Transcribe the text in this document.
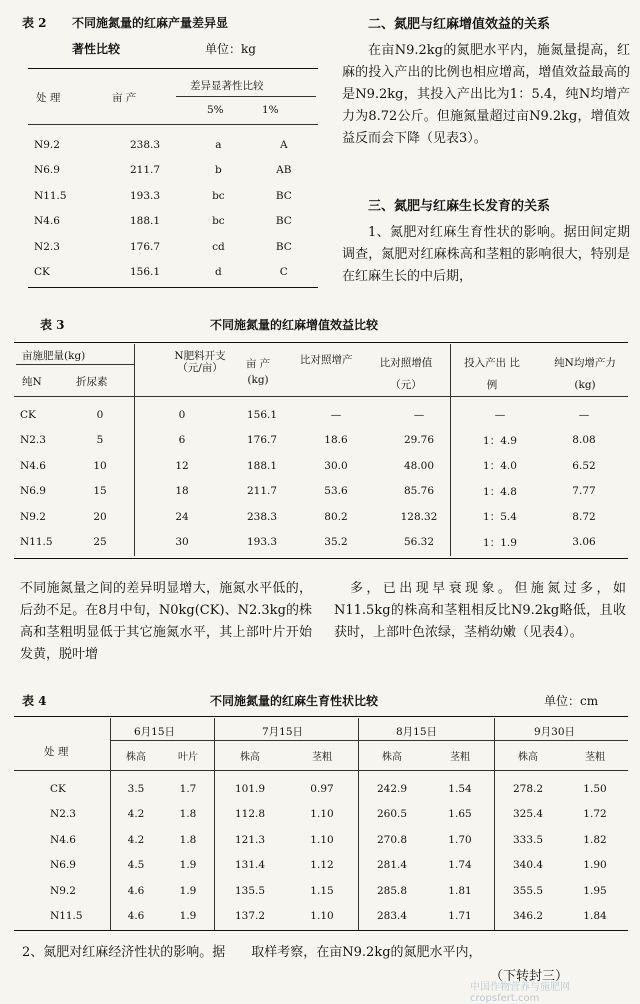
表 2 不同施氮量的红麻产量差异显
著性比较	单位：kg
处 理	亩 产
差异显著性比较
5%	1%
N9.2	238.3	a	A
N6.9	211.7	b	AB
N11.5	193.3	bc	BC
N4.6	188.1	bc	BC
N2.3	176.7	cd	BC
CK	156.1	d	C
二、氮肥与红麻增值效益的关系
在亩N9.2kg的氮肥水平内，施氮量提高，红麻的投入产出的比例也相应增高，增值效益最高的是N9.2kg，其投入产出比为1：5.4，纯N均增产力为8.72公斤。但施氮量超过亩N9.2kg，增值效益反而会下降（见表3）。
三、氮肥与红麻生长发育的关系
1、氮肥对红麻生育性状的影响。据田间定期调查，氮肥对红麻株高和茎粗的影响很大，特别是在红麻生长的中后期，
表 3	不同施氮量的红麻增值效益比较
亩施肥量(kg)
纯N	折尿素
N肥料开支（元/亩）	亩 产 (kg)
比对照增产	比对照增值 （元）
投入产出 比 例
纯N均增产力 (kg)
CK	0	0	156.1	—	—	—	—
N2.3	5	6	176.7	18.6	29.76	1：4.9	8.08
N4.6	10	12	188.1	30.0	48.00	1：4.0	6.52
N6.9	15	18	211.7	53.6	85.76	1：4.8	7.77
N9.2	20	24	238.3	80.2	128.32	1：5.4	8.72
N11.5	25	30	193.3	35.2	56.32	1：1.9	3.06
不同施氮量之间的差异明显增大，施氮水平低的，后劲不足。在8月中旬，N0kg(CK)、N2.3kg的株高和茎粗明显低于其它施氮水平，其上部叶片开始发黄，脱叶增
多，已出现早衰现象。但施氮过多，如N11.5kg的株高和茎粗相反比N9.2kg略低，且收获时，上部叶色浓绿，茎梢幼嫩（见表4）。
表 4	不同施氮量的红麻生育性状比较	单位：cm
处 理
6月15日	7月15日	8月15日	9月30日
	株高	叶片	株高	茎粗	株高	茎粗	株高	茎粗
CK	3.5	1.7	101.9	0.97	242.9	1.54	278.2	1.50
N2.3	4.2	1.8	112.8	1.10	260.5	1.65	325.4	1.72
N4.6	4.2	1.8	121.3	1.10	270.8	1.70	333.5	1.82
N6.9	4.5	1.9	131.4	1.12	281.4	1.74	340.4	1.90
N9.2	4.6	1.9	135.5	1.15	285.8	1.81	355.5	1.95
N11.5	4.6	1.9	137.2	1.10	283.4	1.71	346.2	1.84
2、氮肥对红麻经济性状的影响。据　　取样考察，在亩N9.2kg的氮肥水平内，
（下转封三）
中国作物营养与施肥网 cropsfert.com
